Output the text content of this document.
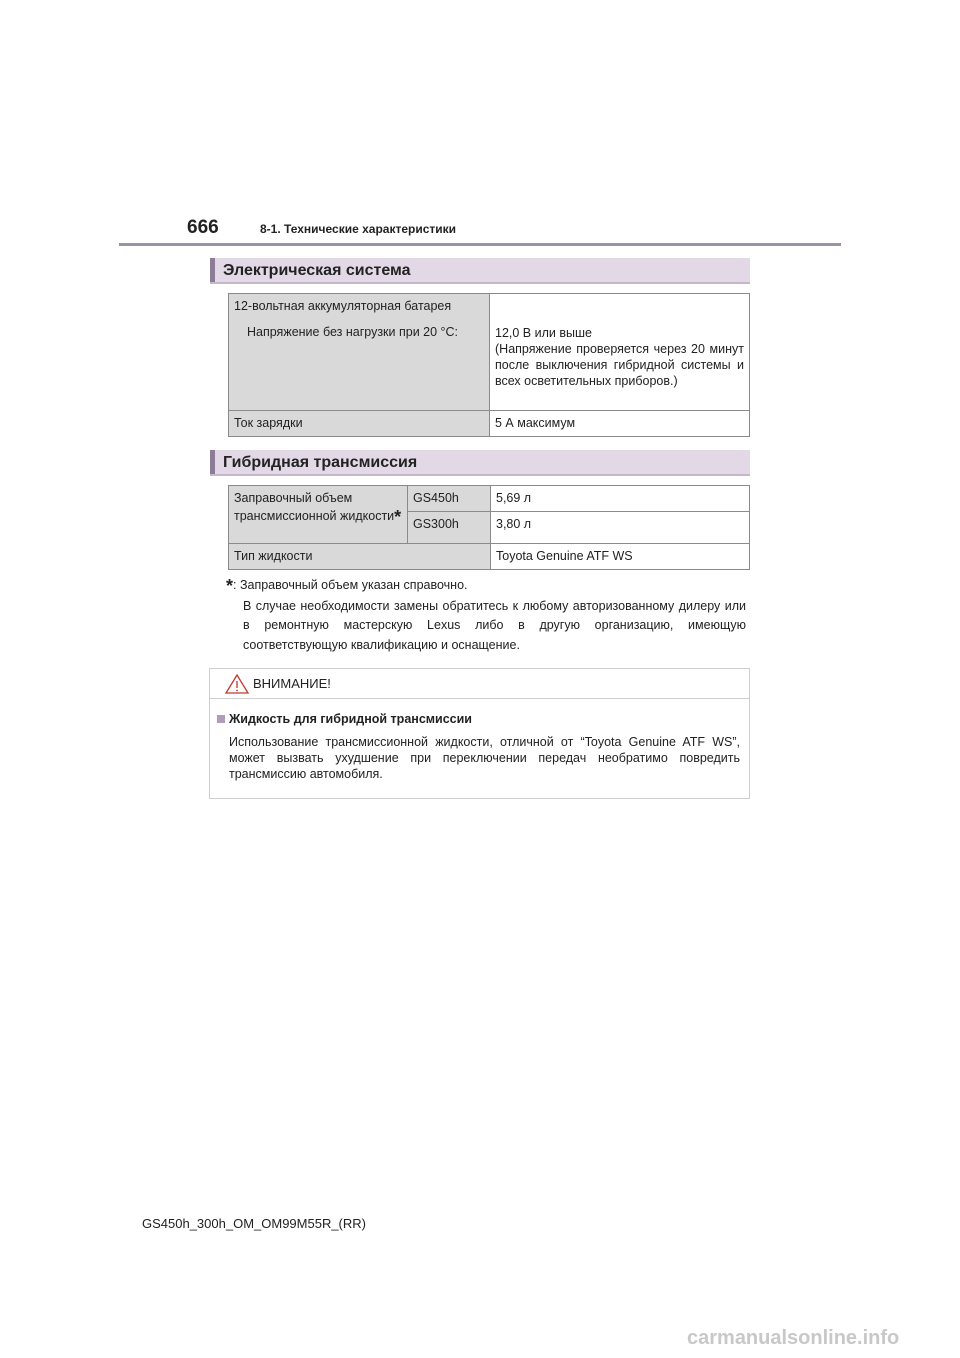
666	8-1. Технические характеристики
Электрическая система
12-вольтная аккумуляторная батарея
Напряжение без нагрузки при 20 °C:	12,0 В или выше
(Напряжение проверяется через 20 минут после выключения гибридной системы и всех осветительных приборов.)
Ток зарядки	5 А максимум
Гибридная трансмиссия
Заправочный объем трансмиссионной жидкости*	GS450h	5,69 л
	GS300h	3,80 л
Тип жидкости		Toyota Genuine ATF WS
*: Заправочный объем указан справочно.
В случае необходимости замены обратитесь к любому авторизованному дилеру или в ремонтную мастерскую Lexus либо в другую организацию, имеющую соответствующую квалификацию и оснащение.
ВНИМАНИЕ!
Жидкость для гибридной трансмиссии
Использование трансмиссионной жидкости, отличной от “Toyota Genuine ATF WS”, может вызвать ухудшение при переключении передач необратимо повредить трансмиссию автомобиля.
GS450h_300h_OM_OM99M55R_(RR)
carmanualsonline.info
